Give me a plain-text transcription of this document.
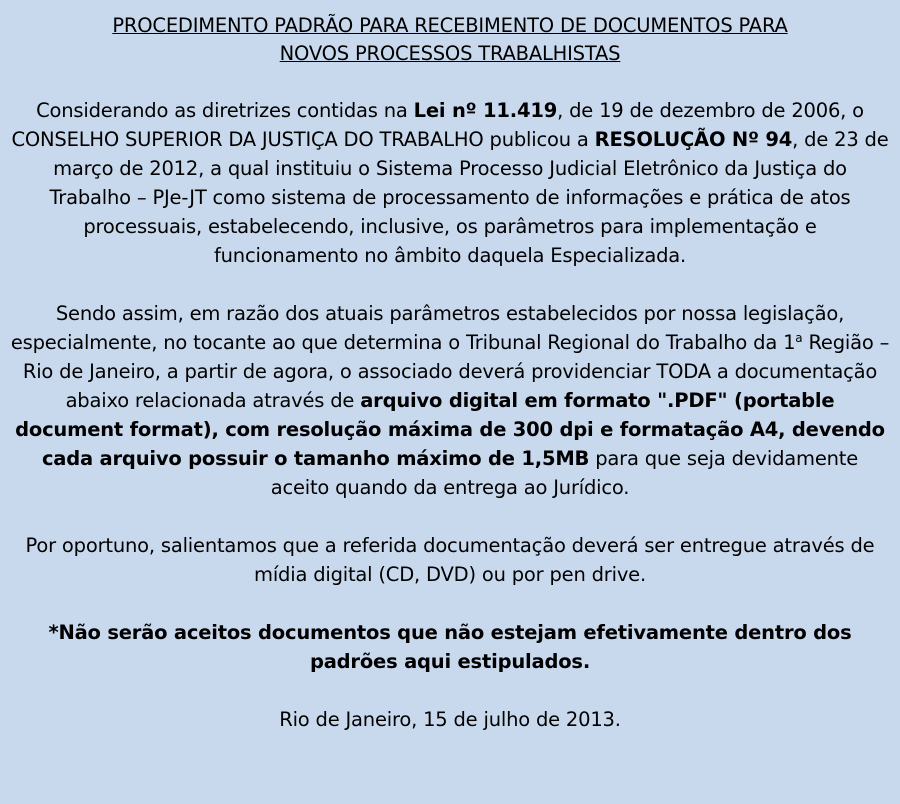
PROCEDIMENTO PADRÃO PARA RECEBIMENTO DE DOCUMENTOS PARA
NOVOS PROCESSOS TRABALHISTAS

Considerando as diretrizes contidas na Lei nº 11.419, de 19 de dezembro de 2006, o CONSELHO SUPERIOR DA JUSTIÇA DO TRABALHO publicou a RESOLUÇÃO Nº 94, de 23 de março de 2012, a qual instituiu o Sistema Processo Judicial Eletrônico da Justiça do Trabalho – PJe-JT como sistema de processamento de informações e prática de atos processuais, estabelecendo, inclusive, os parâmetros para implementação e funcionamento no âmbito daquela Especializada.

Sendo assim, em razão dos atuais parâmetros estabelecidos por nossa legislação, especialmente, no tocante ao que determina o Tribunal Regional do Trabalho da 1$^a$ Região – Rio de Janeiro, a partir de agora, o associado deverá providenciar TODA a documentação abaixo relacionada através de arquivo digital em formato ".PDF" (portable document format), com resolução máxima de 300 dpi e formatação A4, devendo cada arquivo possuir o tamanho máximo de 1,5MB para que seja devidamente aceito quando da entrega ao Jurídico.

Por oportuno, salientamos que a referida documentação deverá ser entregue através de mídia digital (CD, DVD) ou por pen drive.

*Não serão aceitos documentos que não estejam efetivamente dentro dos padrões aqui estipulados.

Rio de Janeiro, 15 de julho de 2013.
